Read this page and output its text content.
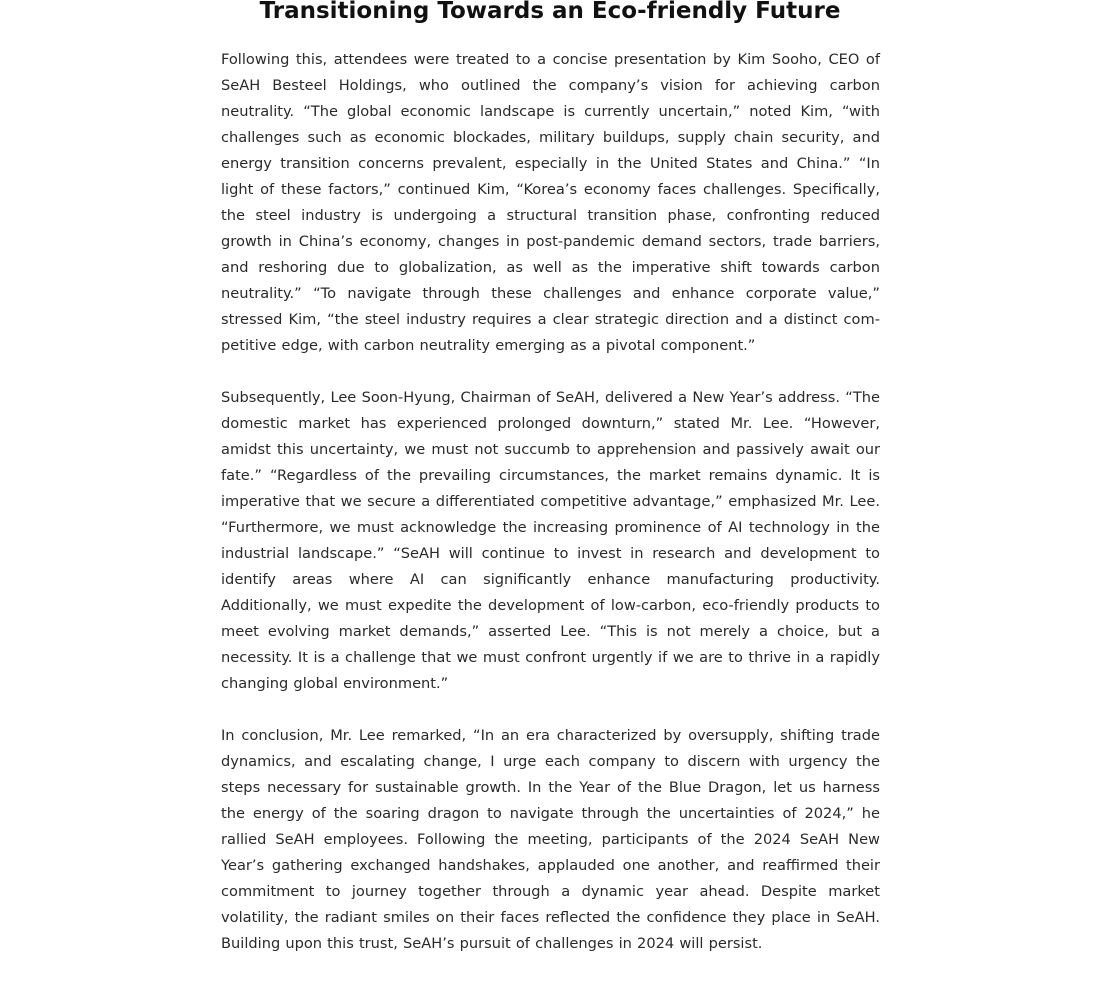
Transitioning Towards an Eco-friendly Future

Following this, attendees were treated to a concise presentation by Kim Sooho, CEO of SeAH Besteel Holdings, who outlined the company’s vision for achieving carbon neutrality. “The global economic landscape is currently uncertain,” noted Kim, “with challenges such as economic blockades, military buildups, supply chain security, and energy transition concerns prevalent, especially in the United States and China.” “In light of these factors,” continued Kim, “Korea’s economy faces challenges. Specifically, the steel industry is undergoing a structural transition phase, confronting reduced growth in China’s economy, changes in post-pandemic demand sectors, trade barriers, and reshoring due to globalization, as well as the imperative shift towards carbon neutrality.” “To navigate through these challenges and enhance corporate value,” stressed Kim, “the steel industry requires a clear strategic direction and a distinct competitive edge, with carbon neutrality emerging as a pivotal component.”

Subsequently, Lee Soon-Hyung, Chairman of SeAH, delivered a New Year’s address. “The domestic market has experienced prolonged downturn,” stated Mr. Lee. “However, amidst this uncertainty, we must not succumb to apprehension and passively await our fate.” “Regardless of the prevailing circumstances, the market remains dynamic. It is imperative that we secure a differentiated competitive advantage,” emphasized Mr. Lee. “Furthermore, we must acknowledge the increasing prominence of AI technology in the industrial landscape.” “SeAH will continue to invest in research and development to identify areas where AI can significantly enhance manufacturing productivity. Additionally, we must expedite the development of low-carbon, eco-friendly products to meet evolving market demands,” asserted Lee. “This is not merely a choice, but a necessity. It is a challenge that we must confront urgently if we are to thrive in a rapidly changing global environment.”

In conclusion, Mr. Lee remarked, “In an era characterized by oversupply, shifting trade dynamics, and escalating change, I urge each company to discern with urgency the steps necessary for sustainable growth. In the Year of the Blue Dragon, let us harness the energy of the soaring dragon to navigate through the uncertainties of 2024,” he rallied SeAH employees. Following the meeting, participants of the 2024 SeAH New Year’s gathering exchanged handshakes, applauded one another, and reaffirmed their commitment to journey together through a dynamic year ahead. Despite market volatility, the radiant smiles on their faces reflected the confidence they place in SeAH. Building upon this trust, SeAH’s pursuit of challenges in 2024 will persist.
